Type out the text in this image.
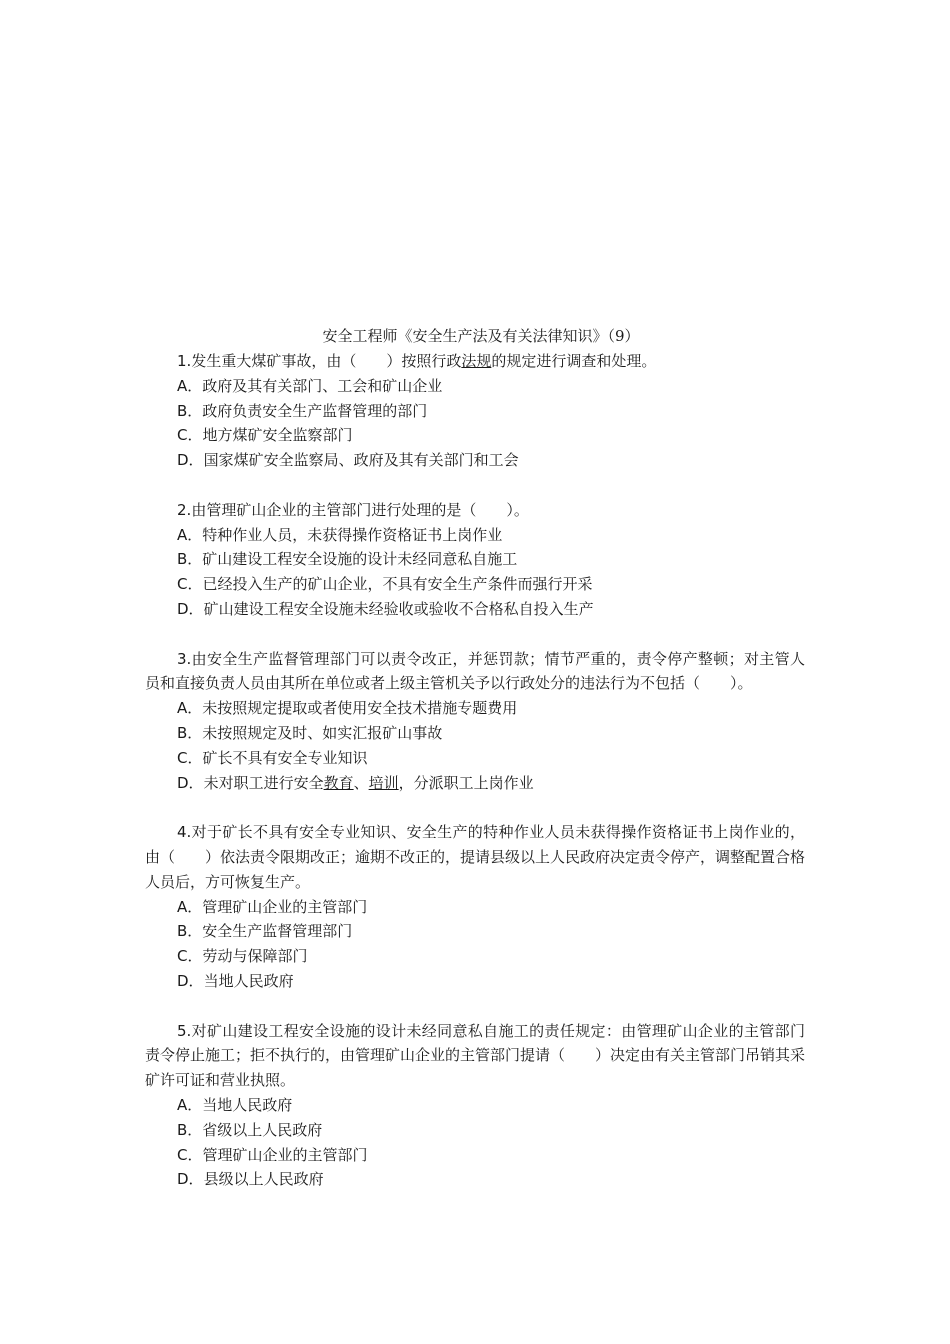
安全工程师《安全生产法及有关法律知识》（9）
1.发生重大煤矿事故，由（　　）按照行政法规的规定进行调查和处理。
A．政府及其有关部门、工会和矿山企业
B．政府负责安全生产监督管理的部门
C．地方煤矿安全监察部门
D．国家煤矿安全监察局、政府及其有关部门和工会
2.由管理矿山企业的主管部门进行处理的是（　　）。
A．特种作业人员，未获得操作资格证书上岗作业
B．矿山建设工程安全设施的设计未经同意私自施工
C．已经投入生产的矿山企业，不具有安全生产条件而强行开采
D．矿山建设工程安全设施未经验收或验收不合格私自投入生产
3.由安全生产监督管理部门可以责令改正，并惩罚款；情节严重的，责令停产整顿；对主管人员和直接负责人员由其所在单位或者上级主管机关予以行政处分的违法行为不包括（　　）。
A．未按照规定提取或者使用安全技术措施专题费用
B．未按照规定及时、如实汇报矿山事故
C．矿长不具有安全专业知识
D．未对职工进行安全教育、培训，分派职工上岗作业
4.对于矿长不具有安全专业知识、安全生产的特种作业人员未获得操作资格证书上岗作业的，由（　　）依法责令限期改正；逾期不改正的，提请县级以上人民政府决定责令停产，调整配置合格人员后，方可恢复生产。
A．管理矿山企业的主管部门
B．安全生产监督管理部门
C．劳动与保障部门
D．当地人民政府
5.对矿山建设工程安全设施的设计未经同意私自施工的责任规定：由管理矿山企业的主管部门责令停止施工；拒不执行的，由管理矿山企业的主管部门提请（　　）决定由有关主管部门吊销其采矿许可证和营业执照。
A．当地人民政府
B．省级以上人民政府
C．管理矿山企业的主管部门
D．县级以上人民政府
